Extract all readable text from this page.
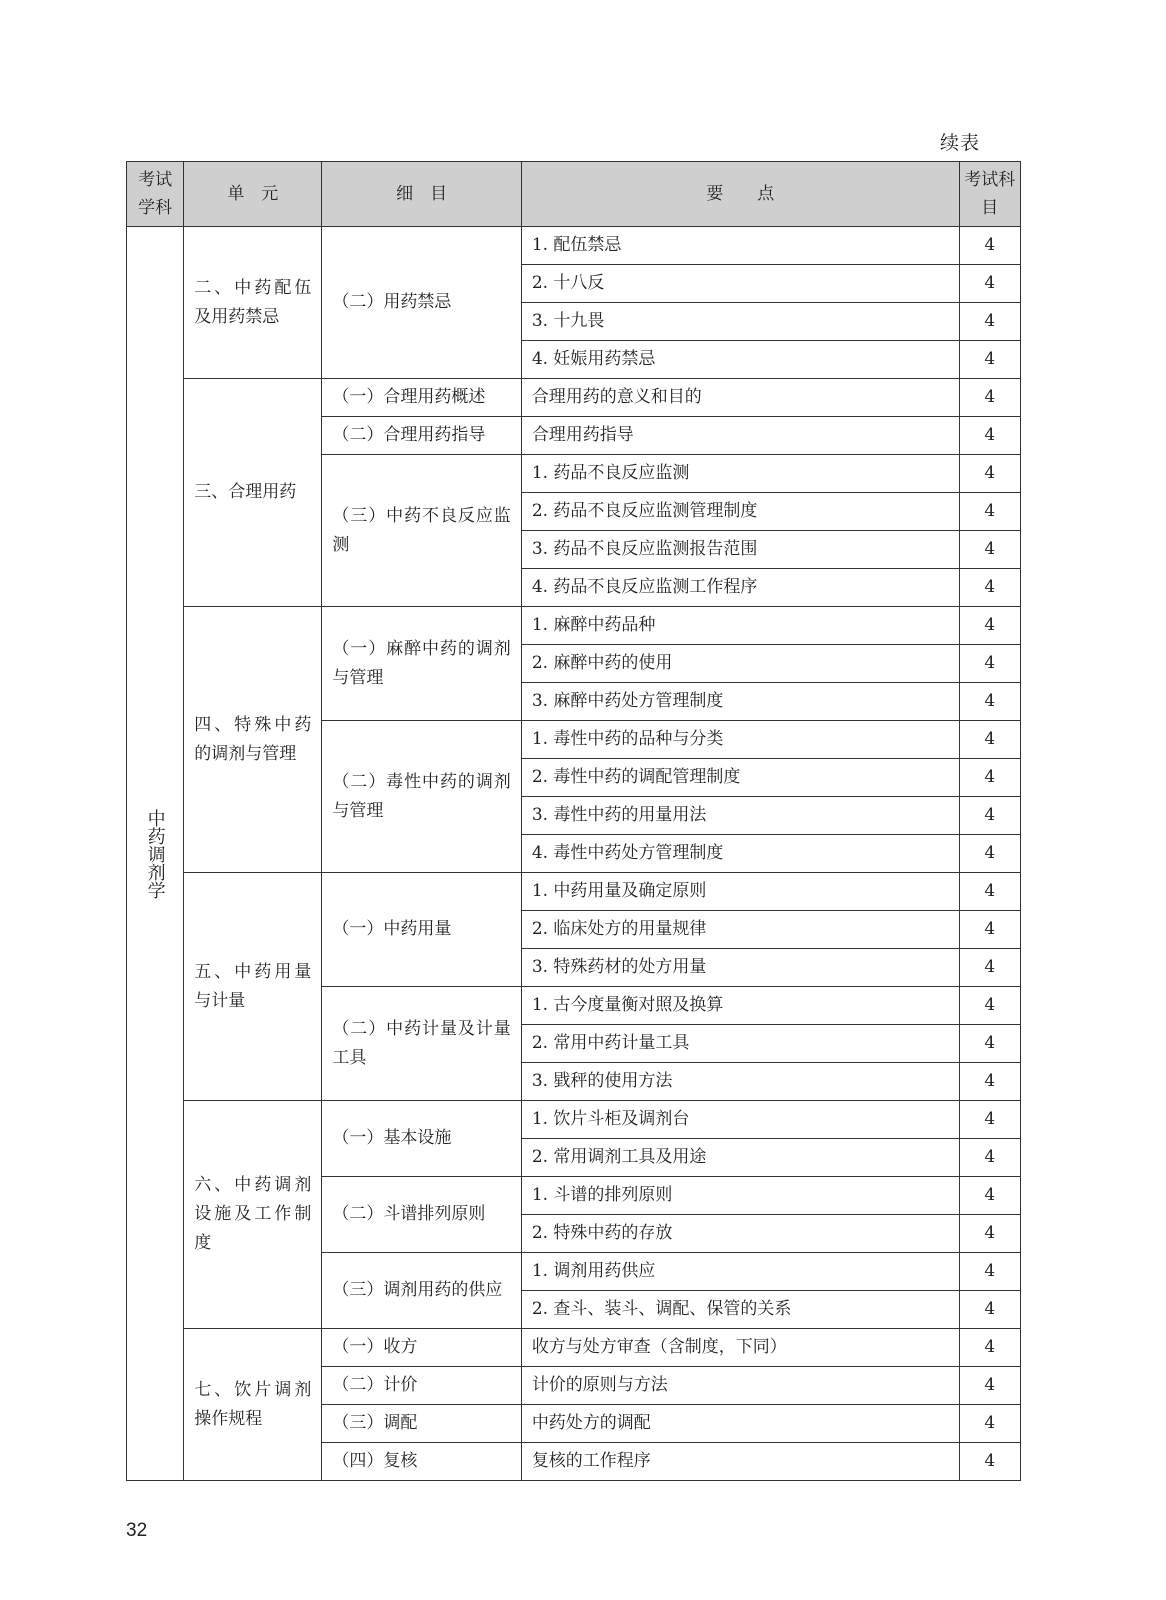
续表
考试学科	单　元	细　目	要　　点	考试科目

中药调剂学	二、中药配伍及用药禁忌	（二）用药禁忌	1. 配伍禁忌	4
			2. 十八反	4
			3. 十九畏	4
			4. 妊娠用药禁忌	4
	三、合理用药	（一）合理用药概述	合理用药的意义和目的	4
		（二）合理用药指导	合理用药指导	4
		（三）中药不良反应监测	1. 药品不良反应监测	4
			2. 药品不良反应监测管理制度	4
			3. 药品不良反应监测报告范围	4
			4. 药品不良反应监测工作程序	4
	四、特殊中药的调剂与管理	（一）麻醉中药的调剂与管理	1. 麻醉中药品种	4
			2. 麻醉中药的使用	4
			3. 麻醉中药处方管理制度	4
		（二）毒性中药的调剂与管理	1. 毒性中药的品种与分类	4
			2. 毒性中药的调配管理制度	4
			3. 毒性中药的用量用法	4
			4. 毒性中药处方管理制度	4
	五、中药用量与计量	（一）中药用量	1. 中药用量及确定原则	4
			2. 临床处方的用量规律	4
			3. 特殊药材的处方用量	4
		（二）中药计量及计量工具	1. 古今度量衡对照及换算	4
			2. 常用中药计量工具	4
			3. 戥秤的使用方法	4
	六、中药调剂设施及工作制度	（一）基本设施	1. 饮片斗柜及调剂台	4
			2. 常用调剂工具及用途	4
		（二）斗谱排列原则	1. 斗谱的排列原则	4
			2. 特殊中药的存放	4
		（三）调剂用药的供应	1. 调剂用药供应	4
			2. 查斗、装斗、调配、保管的关系	4
	七、饮片调剂操作规程	（一）收方	收方与处方审查（含制度，下同）	4
		（二）计价	计价的原则与方法	4
		（三）调配	中药处方的调配	4
		（四）复核	复核的工作程序	4
32
